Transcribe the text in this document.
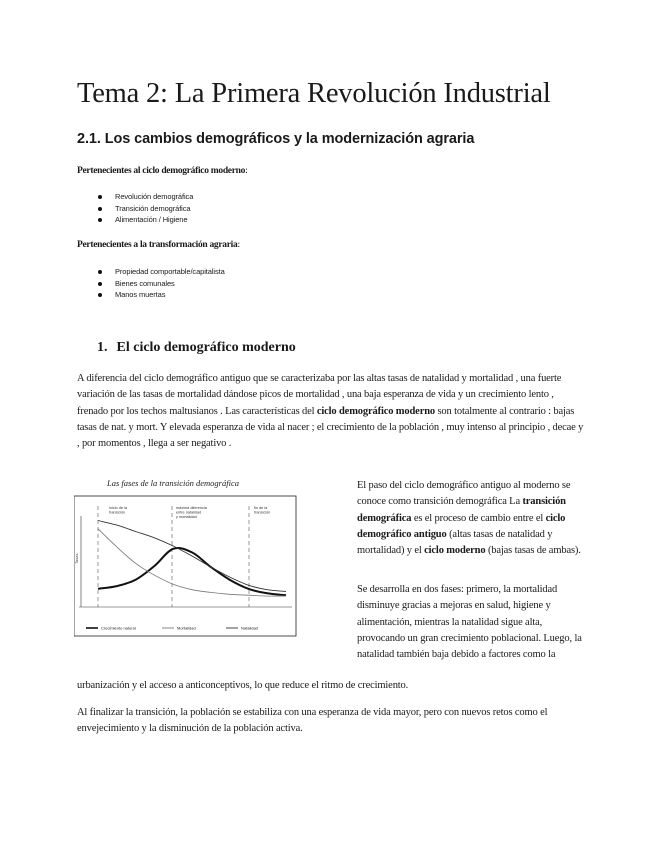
Tema 2: La Primera Revolución Industrial
2.1. Los cambios demográficos y la modernización agraria

Pertenecientes al ciclo demográfico moderno:

Revolución demográfica
Transición demográfica
Alimentación / Higiene

Pertenecientes a la transformación agraria:

Propiedad comportable/capitalista
Bienes comunales
Manos muertas
1. El ciclo demográfico moderno

A diferencia del ciclo demográfico antiguo que se caracterizaba por las altas tasas de natalidad y mortalidad , una fuerte variación de las tasas de mortalidad dándose picos de mortalidad , una baja esperanza de vida y un crecimiento lento , frenado por los techos maltusianos . Las características del ciclo demográfico moderno son totalmente al contrario : bajas tasas de nat. y mort. Y elevada esperanza de vida al nacer ; el crecimiento de la población , muy intenso al principio , decae y , por momentos , llega a ser negativo .

Las fases de la transición demográfica
Tasas
inicio de la transición
máxima diferencia entre natalidad y mortalidad
fin de la transición
Crecimiento natural	Mortalidad	Natalidad

El paso del ciclo demográfico antiguo al moderno se conoce como transición demográfica La transición demográfica es el proceso de cambio entre el ciclo demográfico antiguo (altas tasas de natalidad y mortalidad) y el ciclo moderno (bajas tasas de ambas).

Se desarrolla en dos fases: primero, la mortalidad disminuye gracias a mejoras en salud, higiene y alimentación, mientras la natalidad sigue alta, provocando un gran crecimiento poblacional. Luego, la natalidad también baja debido a factores como la

urbanización y el acceso a anticonceptivos, lo que reduce el ritmo de crecimiento.

Al finalizar la transición, la población se estabiliza con una esperanza de vida mayor, pero con nuevos retos como el envejecimiento y la disminución de la población activa.
